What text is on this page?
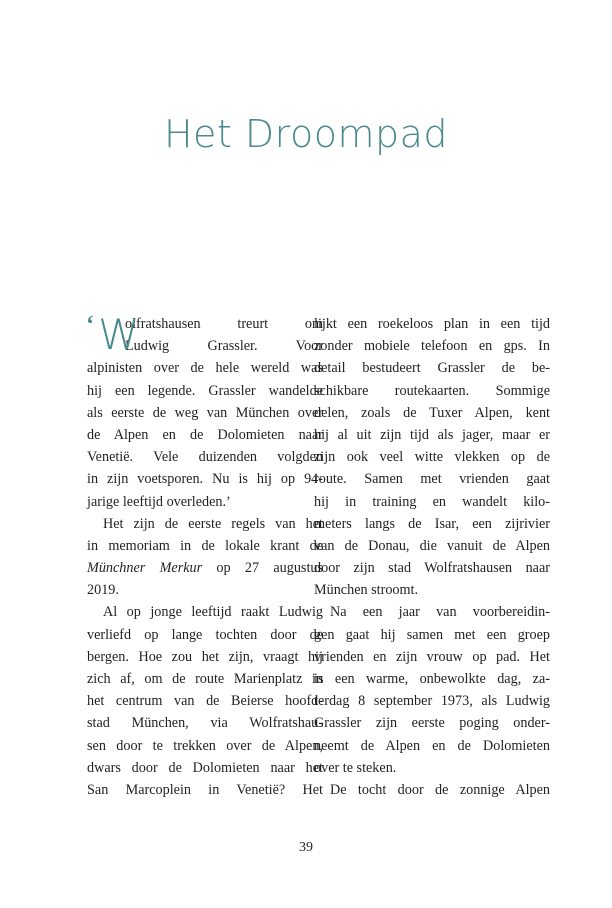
Het Droompad
‘ W
olfratshausen treurt om
Ludwig Grassler. Voor
alpinisten over de hele wereld was
hij een legende. Grassler wandelde
als eerste de weg van München over
de Alpen en de Dolomieten naar
Venetië. Vele duizenden volgden
in zijn voetsporen. Nu is hij op 94-
jarige leeftijd overleden.’
Het zijn de eerste regels van het
in memoriam in de lokale krant de
Münchner Merkur op 27 augustus
2019.
Al op jonge leeftijd raakt Ludwig
verliefd op lange tochten door de
bergen. Hoe zou het zijn, vraagt hij
zich af, om de route Marienplatz in
het centrum van de Beierse hoofd-
stad München, via Wolfratshau-
sen door te trekken over de Alpen,
dwars door de Dolomieten naar het
San Marcoplein in Venetië? Het
lijkt een roekeloos plan in een tijd
zonder mobiele telefoon en gps. In
detail bestudeert Grassler de be-
schikbare routekaarten. Sommige
delen, zoals de Tuxer Alpen, kent
hij al uit zijn tijd als jager, maar er
zijn ook veel witte vlekken op de
route. Samen met vrienden gaat
hij in training en wandelt kilo-
meters langs de Isar, een zijrivier
van de Donau, die vanuit de Alpen
door zijn stad Wolfratshausen naar
München stroomt.
Na een jaar van voorbereidin-
gen gaat hij samen met een groep
vrienden en zijn vrouw op pad. Het
is een warme, onbewolkte dag, za-
terdag 8 september 1973, als Ludwig
Grassler zijn eerste poging onder-
neemt de Alpen en de Dolomieten
over te steken.
De tocht door de zonnige Alpen
39
